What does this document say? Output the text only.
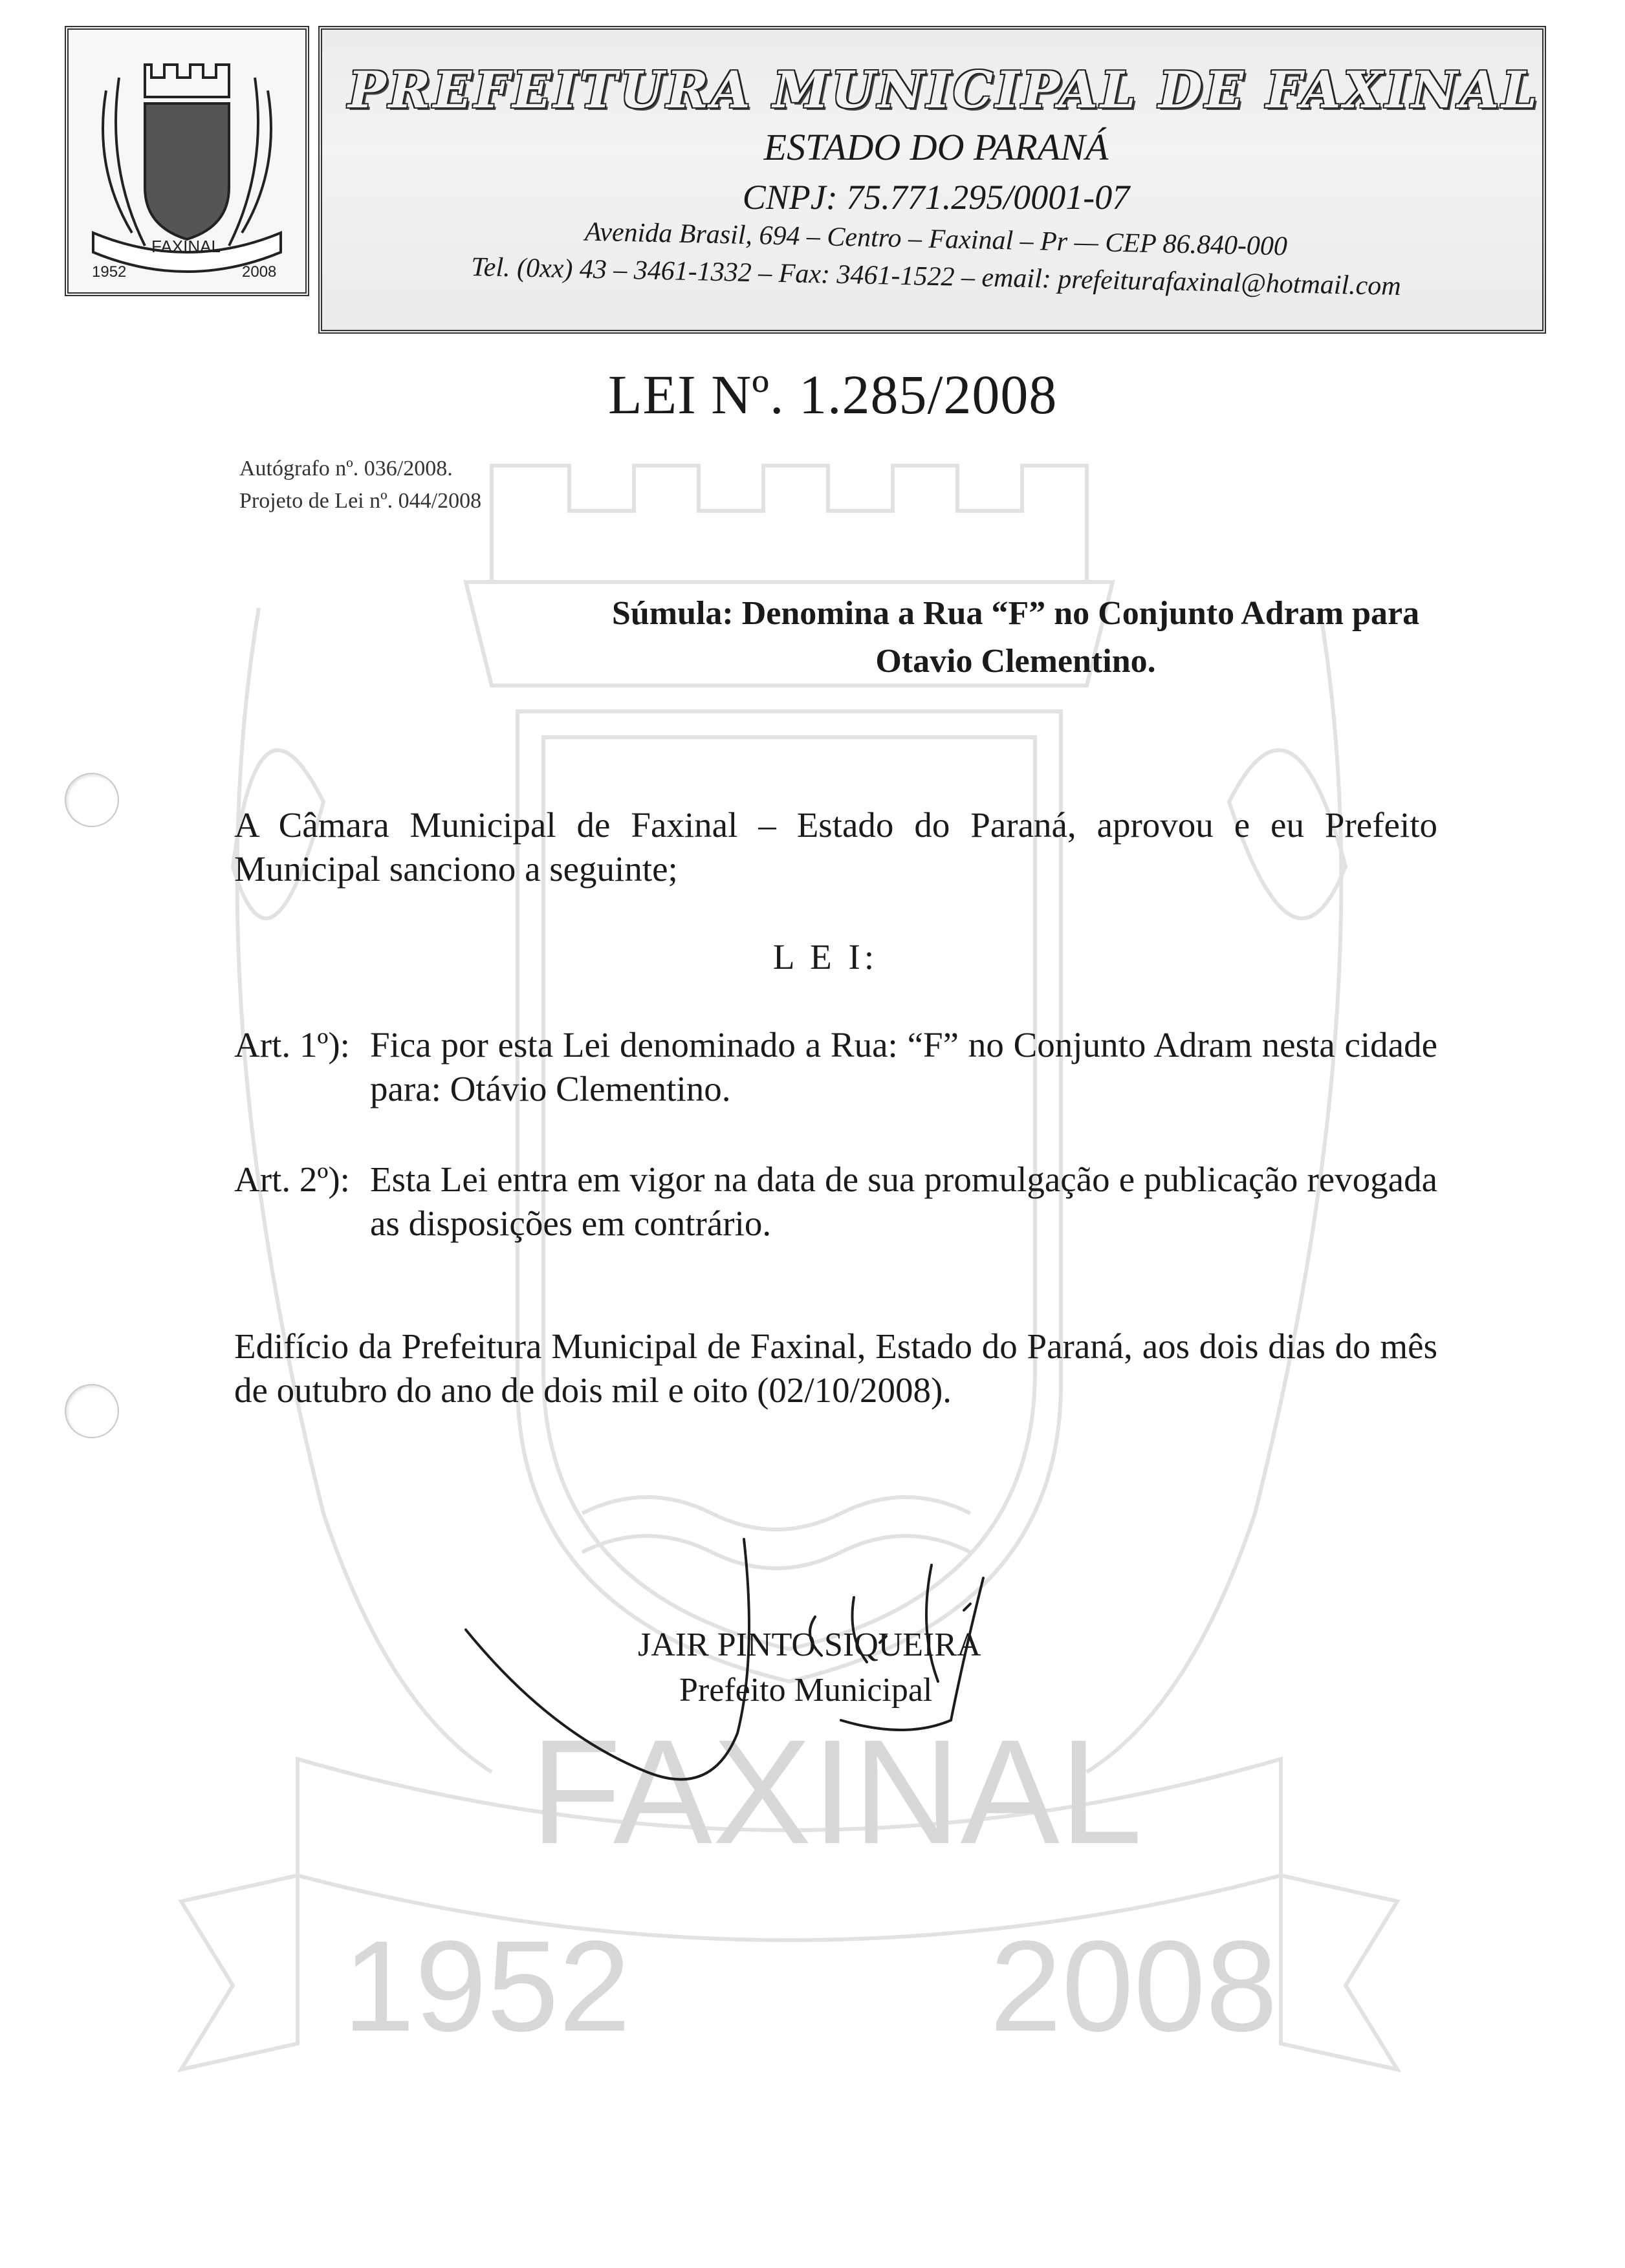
FAXINAL
1952	2008
FAXINAL
1952	2008
PREFEITURA MUNICIPAL DE FAXINAL
ESTADO DO PARANÁ
CNPJ: 75.771.295/0001-07
Avenida Brasil, 694 – Centro – Faxinal – Pr — CEP 86.840-000
Tel. (0xx) 43 – 3461-1332 – Fax: 3461-1522 – email: prefeiturafaxinal@hotmail.com
LEI Nº. 1.285/2008
Autógrafo nº. 036/2008.
Projeto de Lei nº. 044/2008
Súmula: Denomina a Rua “F” no Conjunto Adram para Otavio Clementino.
A Câmara Municipal de Faxinal – Estado do Paraná, aprovou e eu Prefeito Municipal sanciono a seguinte;
L E I:
Art. 1º): Fica por esta Lei denominado a Rua: “F” no Conjunto Adram nesta cidade para: Otávio Clementino.
Art. 2º): Esta Lei entra em vigor na data de sua promulgação e publicação revogada as disposições em contrário.
Edifício da Prefeitura Municipal de Faxinal, Estado do Paraná, aos dois dias do mês de outubro do ano de dois mil e oito (02/10/2008).
JAIR PINTO SIQUEIRA
Prefeito Municipal
